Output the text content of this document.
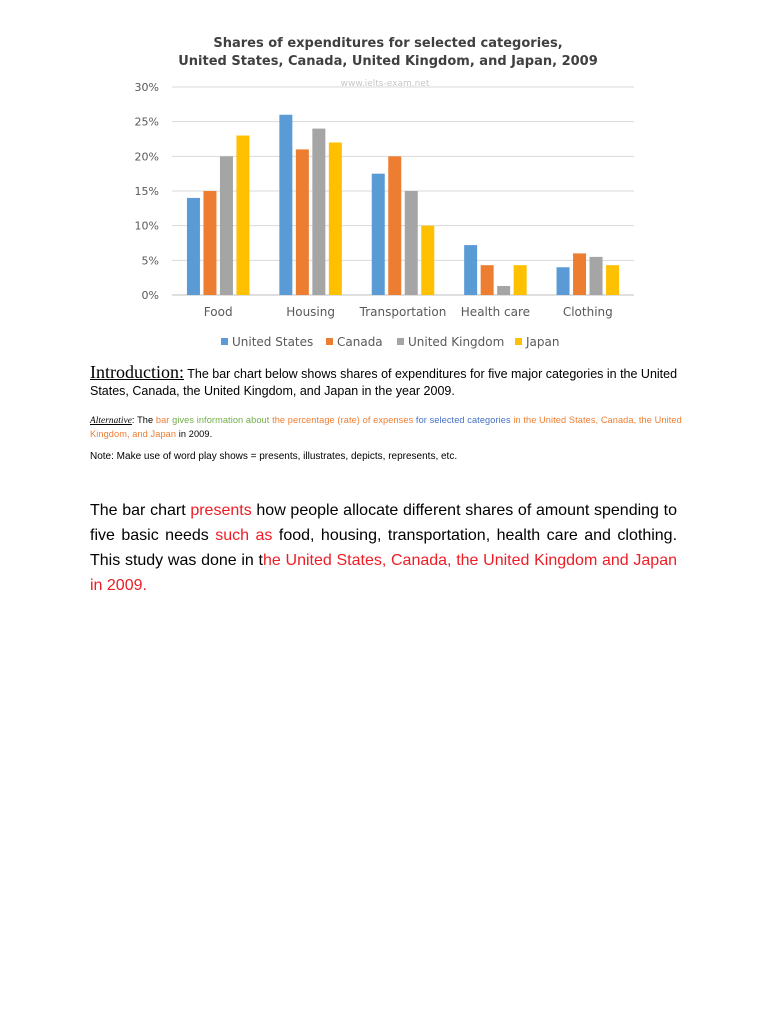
Shares of expenditures for selected categories,
United States, Canada, United Kingdom, and Japan, 2009
www.ielts-exam.net
0%
5%
10%
15%
20%
25%
30%
Food	Housing Transportation Health care	Clothing
United States Canada United Kingdom Japan
Introduction: The bar chart below shows shares of expenditures for five major categories in the United States, Canada, the United Kingdom, and Japan in the year 2009.
Alternative: The bar gives information about the percentage (rate) of expenses for selected categories in the United States, Canada, the United Kingdom, and Japan in 2009.
Note: Make use of word play shows = presents, illustrates, depicts, represents, etc.
The bar chart presents how people allocate different shares of amount spending to five basic needs such as food, housing, transportation, health care and clothing. This study was done in the United States, Canada, the United Kingdom and Japan in 2009.
